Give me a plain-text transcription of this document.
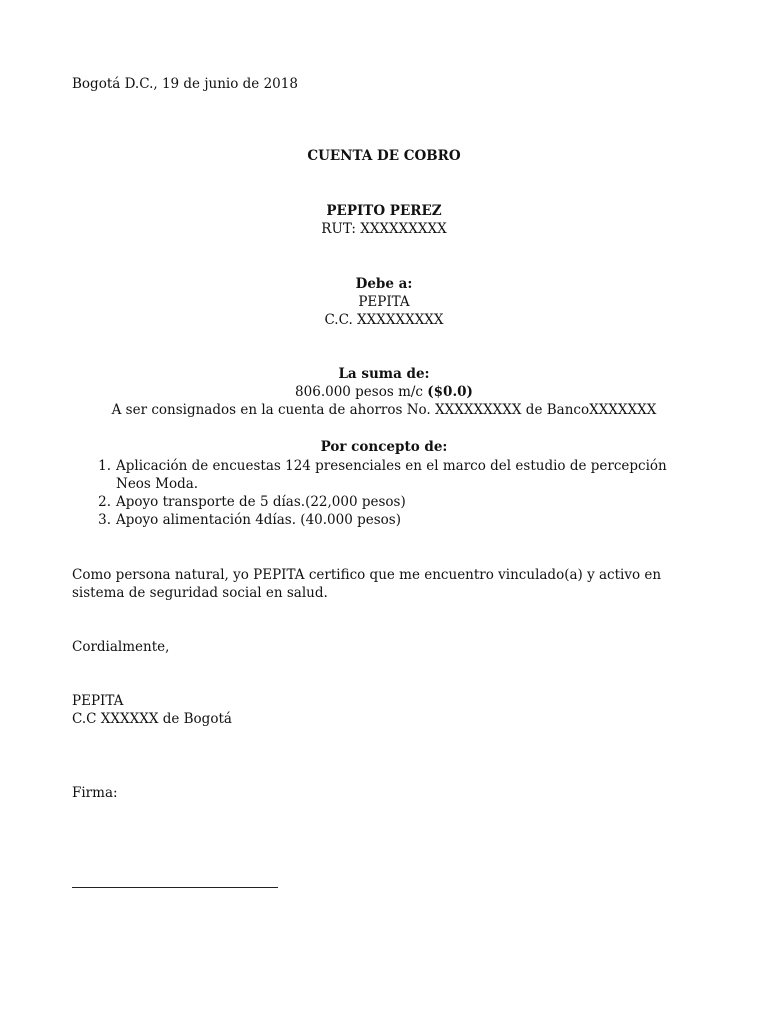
Bogotá D.C., 19 de junio de 2018
CUENTA DE COBRO
PEPITO PEREZ
RUT: XXXXXXXXX
Debe a:
PEPITA
C.C. XXXXXXXXX
La suma de:
806.000 pesos m/c ($0.0)
A ser consignados en la cuenta de ahorros No. XXXXXXXXX de BancoXXXXXXX
Por concepto de:
1. Aplicación de encuestas 124 presenciales en el marco del estudio de percepción Neos Moda.
2. Apoyo transporte de 5 días.(22,000 pesos)
3. Apoyo alimentación 4días. (40.000 pesos)
Como persona natural, yo PEPITA certifico que me encuentro vinculado(a) y activo en sistema de seguridad social en salud.
Cordialmente,
PEPITA
C.C XXXXXX de Bogotá
Firma:
